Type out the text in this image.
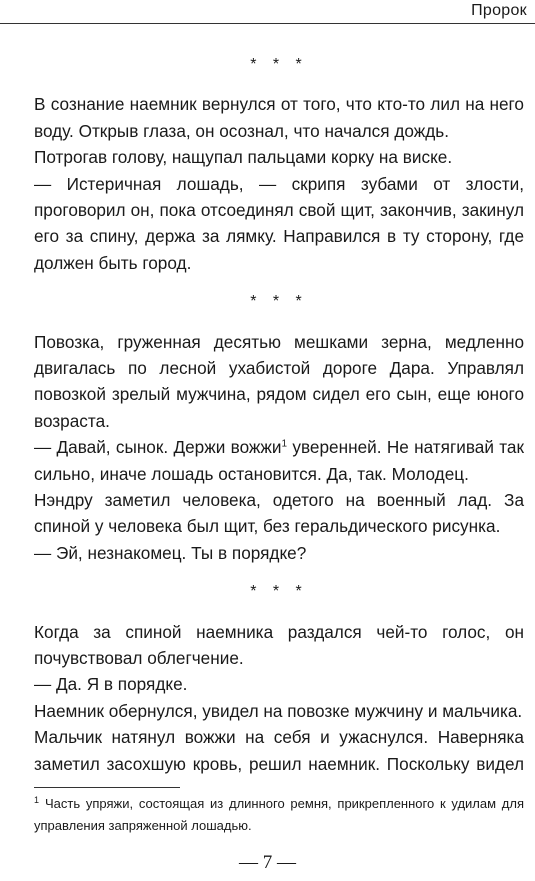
Пророк
* * *

В сознание наемник вернулся от того, что кто-то лил на него воду. Открыв глаза, он осознал, что начался дождь.

Потрогав голову, нащупал пальцами корку на виске.

— Истеричная лошадь, — скрипя зубами от злости, проговорил он, пока отсоединял свой щит, закончив, закинул его за спину, держа за лямку. Направился в ту сторону, где должен быть город.

* * *

Повозка, груженная десятью мешками зерна, медленно двигалась по лесной ухабистой дороге Дара. Управлял повозкой зрелый мужчина, рядом сидел его сын, еще юного возраста.

— Давай, сынок. Держи вожжи$^1$ уверенней. Не натягивай так сильно, иначе лошадь остановится. Да, так. Молодец.

Нэндру заметил человека, одетого на военный лад. За спиной у человека был щит, без геральдического рисунка.

— Эй, незнакомец. Ты в порядке?

* * *

Когда за спиной наемника раздался чей-то голос, он почувствовал облегчение.

— Да. Я в порядке.

Наемник обернулся, увидел на повозке мужчину и мальчика.

Мальчик натянул вожжи на себя и ужаснулся. Наверняка заметил засохшую кровь, решил наемник. Поскольку видел

$^1$ Часть упряжи, состоящая из длинного ремня, прикрепленного к удилам для управления запряженной лошадью.
— 7 —
